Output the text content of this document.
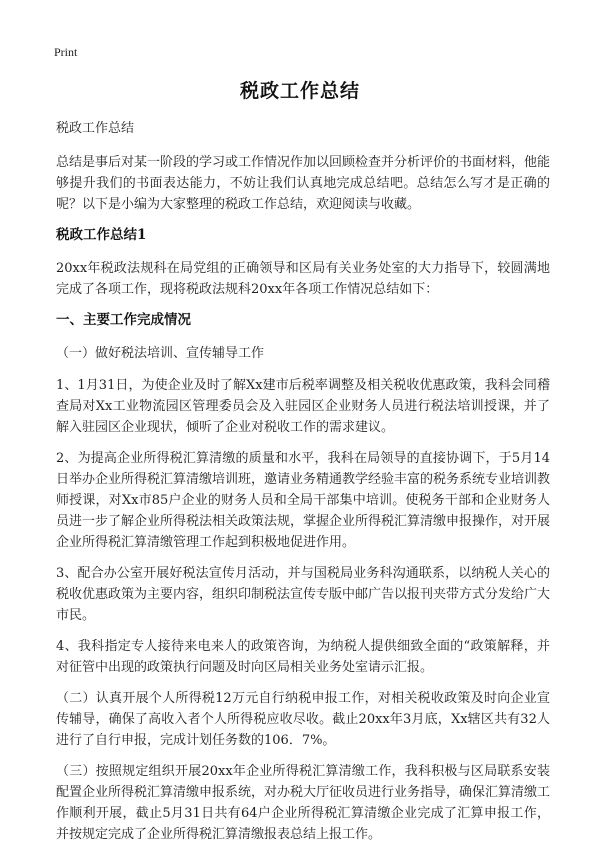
Print
税政工作总结

税政工作总结

总结是事后对某一阶段的学习或工作情况作加以回顾检查并分析评价的书面材料，他能够提升我们的书面表达能力，不妨让我们认真地完成总结吧。总结怎么写才是正确的呢？以下是小编为大家整理的税政工作总结，欢迎阅读与收藏。

税政工作总结1

20xx年税政法规科在局党组的正确领导和区局有关业务处室的大力指导下，较圆满地完成了各项工作，现将税政法规科20xx年各项工作情况总结如下：

一、主要工作完成情况

（一）做好税法培训、宣传辅导工作

1、1月31日，为使企业及时了解Xx建市后税率调整及相关税收优惠政策，我科会同稽查局对Xx工业物流园区管理委员会及入驻园区企业财务人员进行税法培训授课，并了解入驻园区企业现状，倾听了企业对税收工作的需求建议。

2、为提高企业所得税汇算清缴的质量和水平，我科在局领导的直接协调下，于5月14日举办企业所得税汇算清缴培训班，邀请业务精通教学经验丰富的税务系统专业培训教师授课，对Xx市85户企业的财务人员和全局干部集中培训。使税务干部和企业财务人员进一步了解企业所得税法相关政策法规，掌握企业所得税汇算清缴申报操作，对开展企业所得税汇算清缴管理工作起到积极地促进作用。

3、配合办公室开展好税法宣传月活动，并与国税局业务科沟通联系，以纳税人关心的税收优惠政策为主要内容，组织印制税法宣传专版中邮广告以报刊夹带方式分发给广大市民。

4、我科指定专人接待来电来人的政策咨询，为纳税人提供细致全面的“政策解释，并对征管中出现的政策执行问题及时向区局相关业务处室请示汇报。

（二）认真开展个人所得税12万元自行纳税申报工作，对相关税收政策及时向企业宣传辅导，确保了高收入者个人所得税应收尽收。截止20xx年3月底，Xx辖区共有32人进行了自行申报，完成计划任务数的106．7%。

（三）按照规定组织开展20xx年企业所得税汇算清缴工作，我科积极与区局联系安装配置企业所得税汇算清缴申报系统，对办税大厅征收员进行业务指导，确保汇算清缴工作顺利开展，截止5月31日共有64户企业所得税汇算清缴企业完成了汇算申报工作，并按规定完成了企业所得税汇算清缴报表总结上报工作。
